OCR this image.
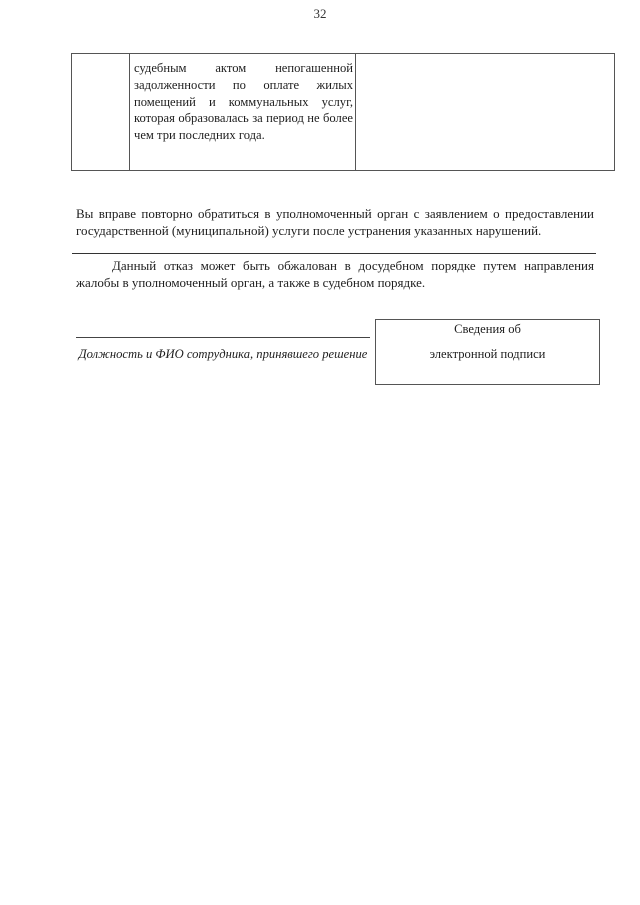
32
судебным актом непогашенной задолженности по оплате жилых помещений и коммунальных услуг, которая образовалась за период не более чем три последних года.

Вы вправе повторно обратиться в уполномоченный орган с заявлением о предоставлении государственной (муниципальной) услуги после устранения указанных нарушений.

Данный отказ может быть обжалован в досудебном порядке путем направления жалобы в уполномоченный орган, а также в судебном порядке.

Должность и ФИО сотрудника, принявшего решение

Сведения об
электронной подписи
